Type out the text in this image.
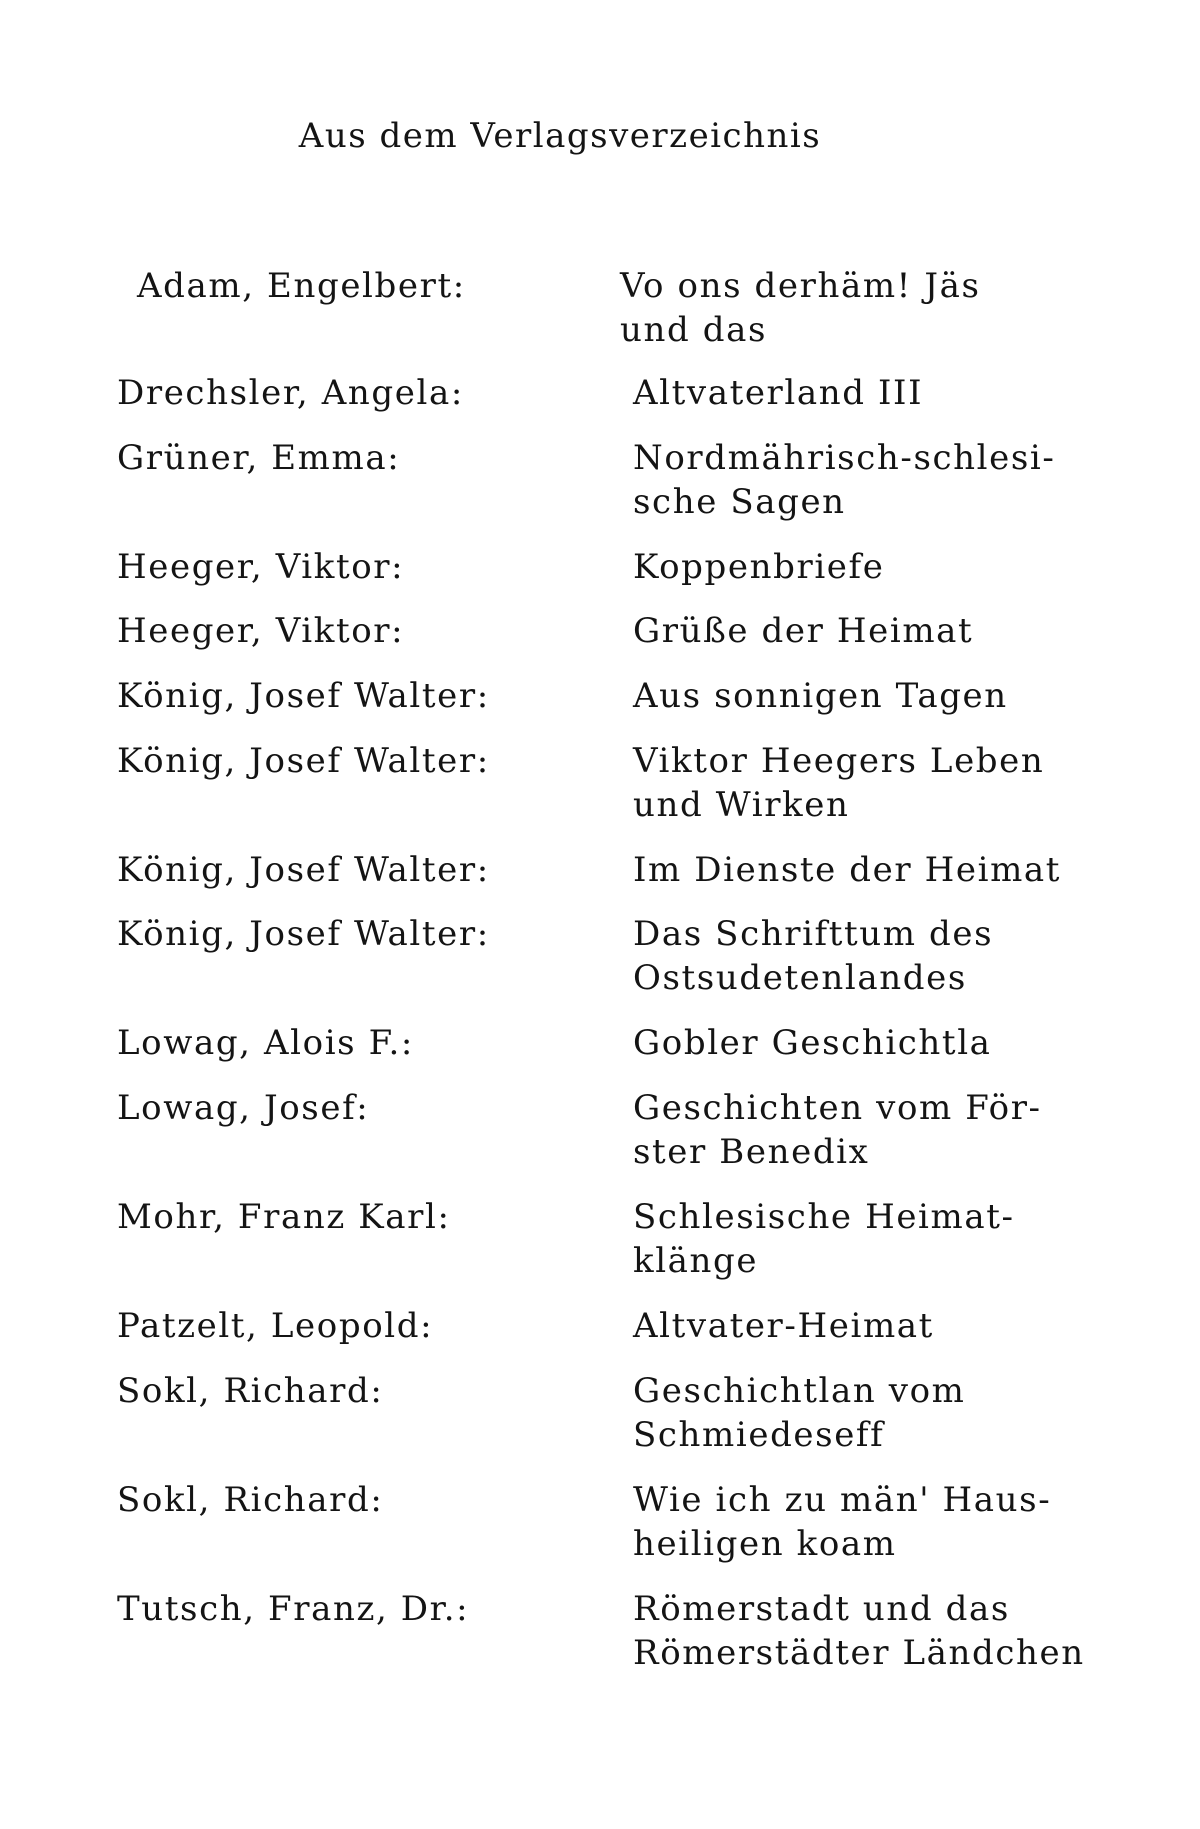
Aus dem Verlagsverzeichnis
Adam, Engelbert:	Vo ons derhäm! Jäs
und das
Drechsler, Angela:	Altvaterland III
Grüner, Emma:	Nordmährisch-schlesi-
sche Sagen
Heeger, Viktor:	Koppenbriefe
Heeger, Viktor:	Grüße der Heimat
König, Josef Walter:	Aus sonnigen Tagen
König, Josef Walter:	Viktor Heegers Leben
und Wirken
König, Josef Walter:	Im Dienste der Heimat
König, Josef Walter:	Das Schrifttum des
Ostsudetenlandes
Lowag, Alois F.:	Gobler Geschichtla
Lowag, Josef:	Geschichten vom För-
ster Benedix
Mohr, Franz Karl:	Schlesische Heimat-
klänge
Patzelt, Leopold:	Altvater-Heimat
Sokl, Richard:	Geschichtlan vom
Schmiedeseff
Sokl, Richard:	Wie ich zu män' Haus-
heiligen koam
Tutsch, Franz, Dr.:	Römerstadt und das
Römerstädter Ländchen
